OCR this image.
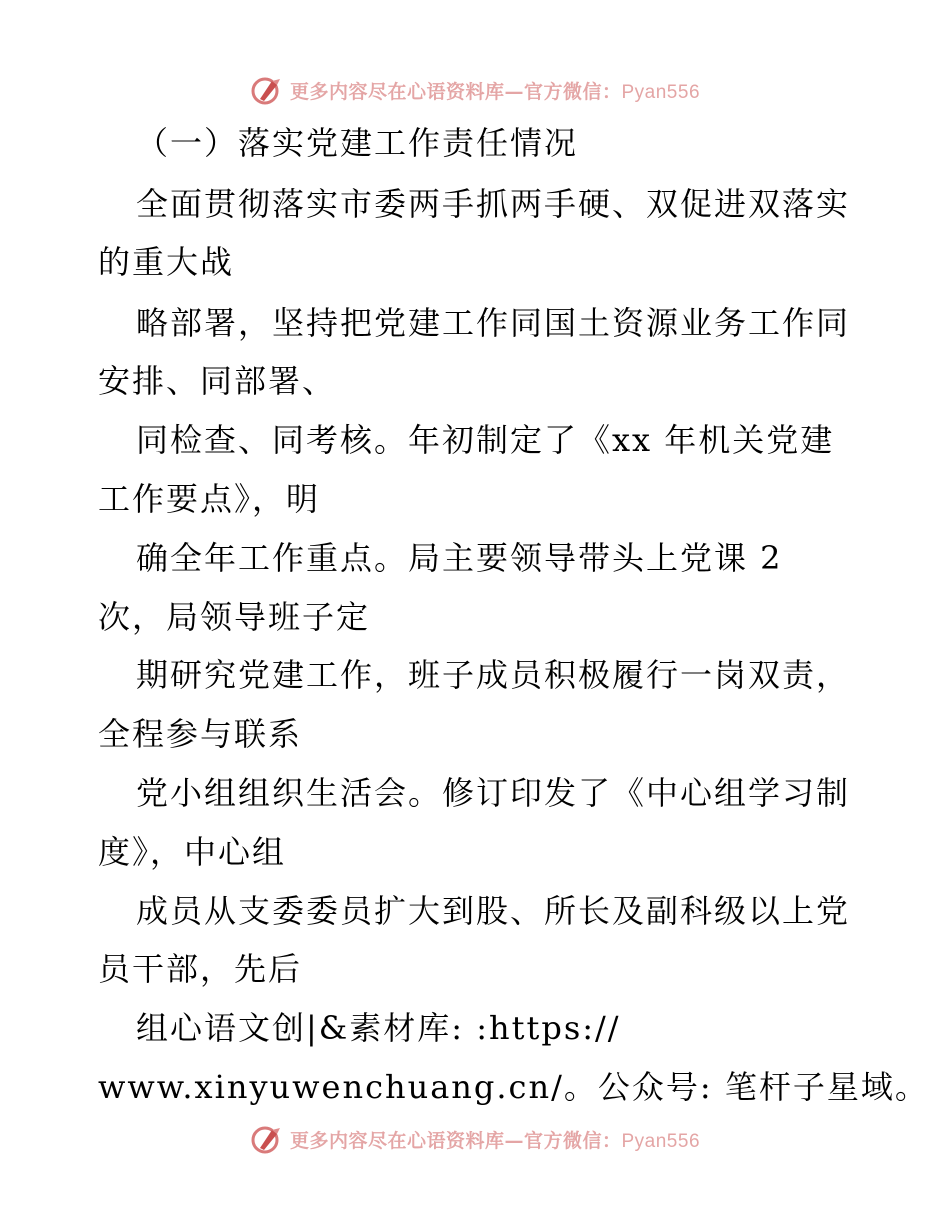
更多内容尽在心语资料库—官方微信：Pyan556
（一）落实党建工作责任情况
全面贯彻落实市委两手抓两手硬、双促进双落实
的重大战
略部署，坚持把党建工作同国土资源业务工作同
安排、同部署、
同检查、同考核。年初制定了《xx 年机关党建
工作要点》，明
确全年工作重点。局主要领导带头上党课 2
次，局领导班子定
期研究党建工作，班子成员积极履行一岗双责，
全程参与联系
党小组组织生活会。修订印发了《中心组学习制
度》，中心组
成员从支委委员扩大到股、所长及副科级以上党
员干部，先后
组心语文创|&素材库: :https://
www.xinyuwenchuang.cn/。公众号: 笔杆子星域。
更多内容尽在心语资料库—官方微信：Pyan556
